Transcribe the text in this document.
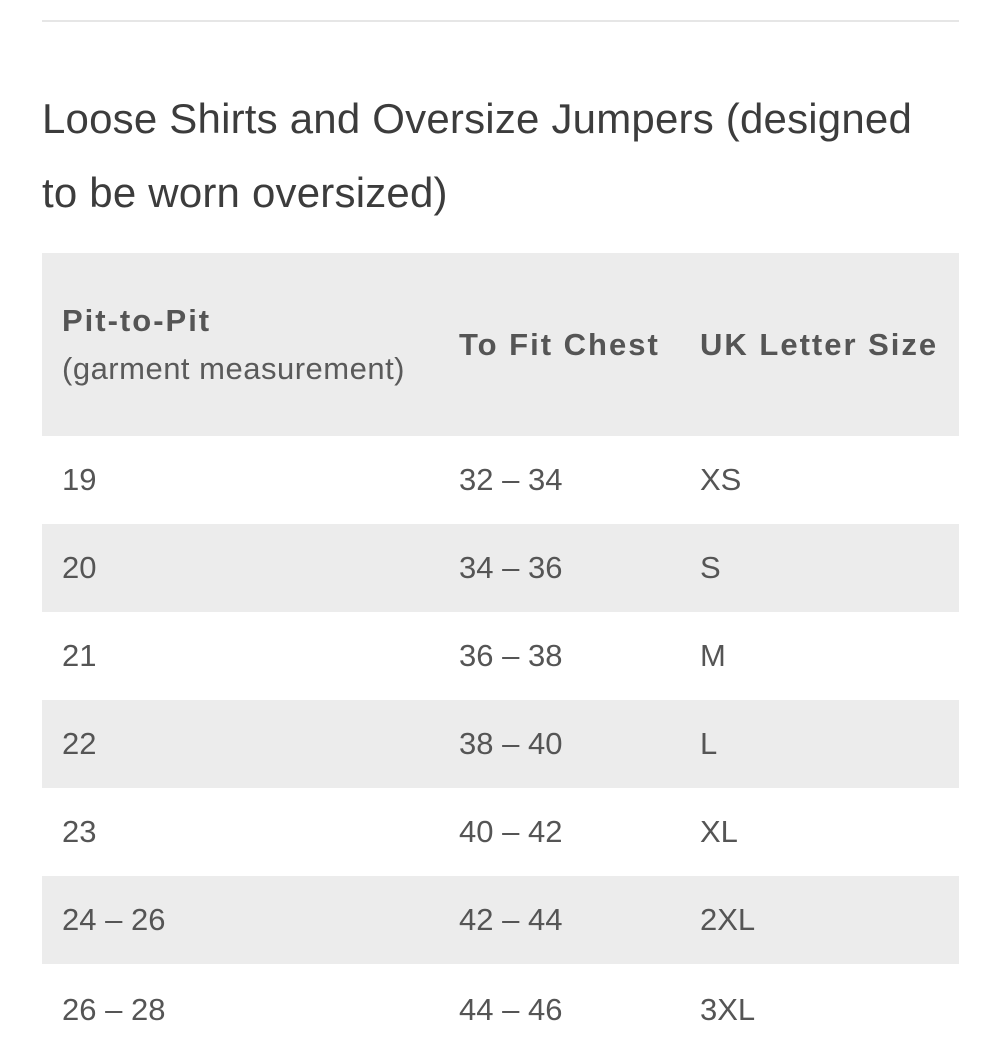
Loose Shirts and Oversize Jumpers (designed to be worn oversized)
Pit-to-Pit
(garment measurement)	To Fit Chest	UK Letter Size
19	32 – 34	XS
20	34 – 36	S
21	36 – 38	M
22	38 – 40	L
23	40 – 42	XL
24 – 26	42 – 44	2XL
26 – 28	44 – 46	3XL
